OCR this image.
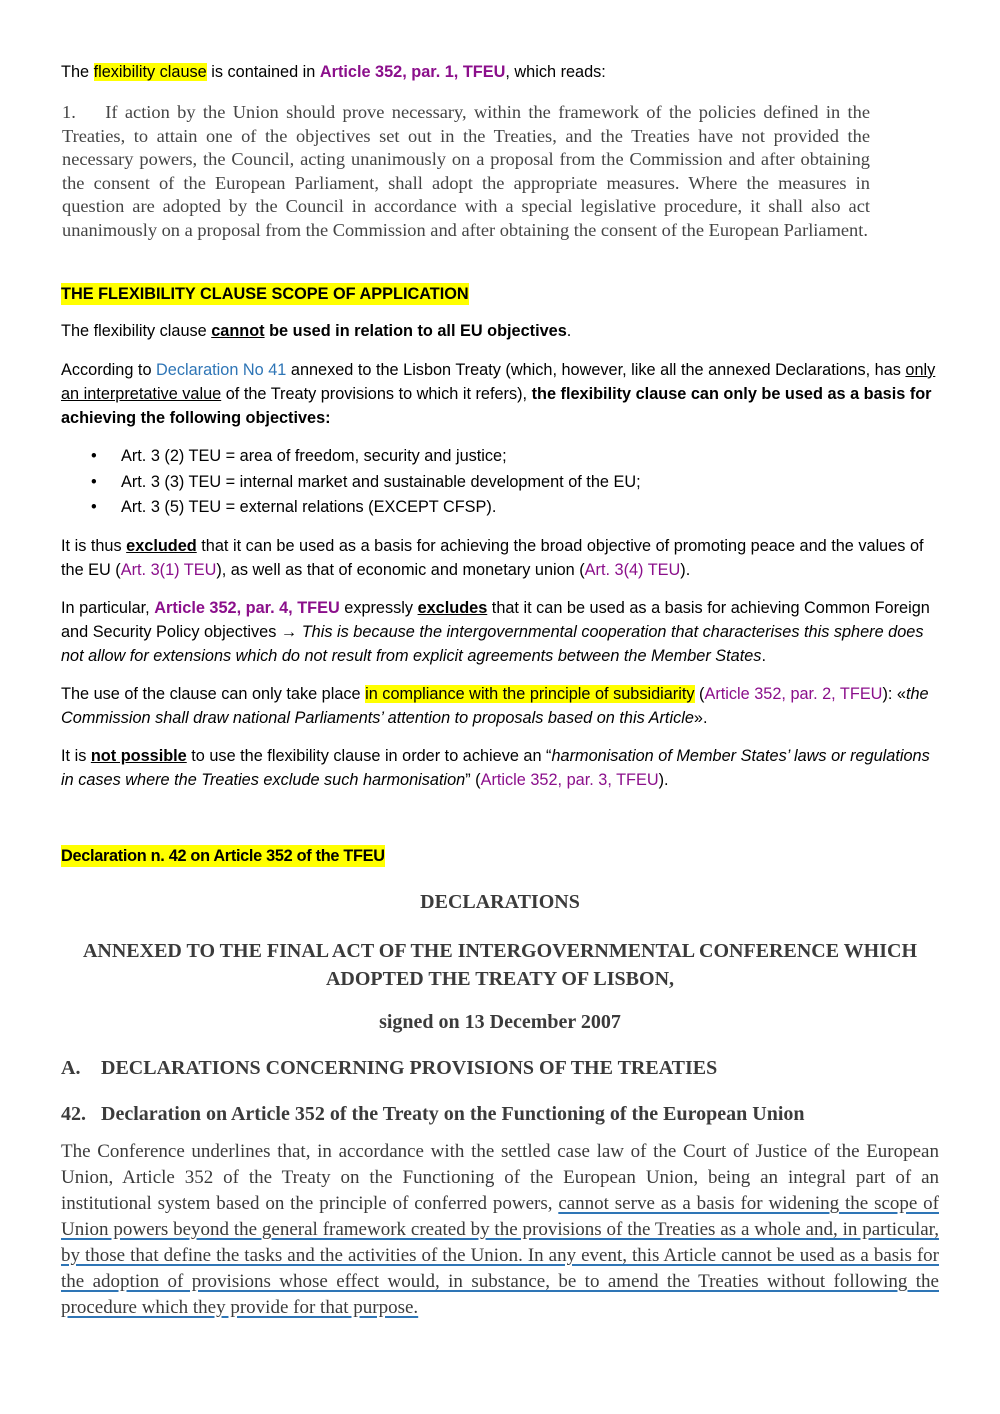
The flexibility clause is contained in Article 352, par. 1, TFEU, which reads:

1.    If action by the Union should prove necessary, within the framework of the policies defined in the Treaties, to attain one of the objectives set out in the Treaties, and the Treaties have not provided the necessary powers, the Council, acting unanimously on a proposal from the Commission and after obtaining the consent of the European Parliament, shall adopt the appropriate measures. Where the measures in question are adopted by the Council in accordance with a special legislative procedure, it shall also act unanimously on a proposal from the Commission and after obtaining the consent of the European Parliament.

THE FLEXIBILITY CLAUSE SCOPE OF APPLICATION
The flexibility clause cannot be used in relation to all EU objectives.
According to Declaration No 41 annexed to the Lisbon Treaty (which, however, like all the annexed Declarations, has only an interpretative value of the Treaty provisions to which it refers), the flexibility clause can only be used as a basis for achieving the following objectives:
• Art. 3 (2) TEU = area of freedom, security and justice;
• Art. 3 (3) TEU = internal market and sustainable development of the EU;
• Art. 3 (5) TEU = external relations (EXCEPT CFSP).
It is thus excluded that it can be used as a basis for achieving the broad objective of promoting peace and the values of the EU (Art. 3(1) TEU), as well as that of economic and monetary union (Art. 3(4) TEU).
In particular, Article 352, par. 4, TFEU expressly excludes that it can be used as a basis for achieving Common Foreign and Security Policy objectives → This is because the intergovernmental cooperation that characterises this sphere does not allow for extensions which do not result from explicit agreements between the Member States.
The use of the clause can only take place in compliance with the principle of subsidiarity (Article 352, par. 2, TFEU): «the Commission shall draw national Parliaments’ attention to proposals based on this Article».
It is not possible to use the flexibility clause in order to achieve an “harmonisation of Member States’ laws or regulations in cases where the Treaties exclude such harmonisation” (Article 352, par. 3, TFEU).
Declaration n. 42 on Article 352 of the TFEU
DECLARATIONS
ANNEXED TO THE FINAL ACT OF THE INTERGOVERNMENTAL CONFERENCE WHICH ADOPTED THE TREATY OF LISBON,
signed on 13 December 2007
A. DECLARATIONS CONCERNING PROVISIONS OF THE TREATIES
42. Declaration on Article 352 of the Treaty on the Functioning of the European Union

The Conference underlines that, in accordance with the settled case law of the Court of Justice of the European Union, Article 352 of the Treaty on the Functioning of the European Union, being an integral part of an institutional system based on the principle of conferred powers, cannot serve as a basis for widening the scope of Union powers beyond the general framework created by the provisions of the Treaties as a whole and, in particular, by those that define the tasks and the activities of the Union. In any event, this Article cannot be used as a basis for the adoption of provisions whose effect would, in substance, be to amend the Treaties without following the procedure which they provide for that purpose.
